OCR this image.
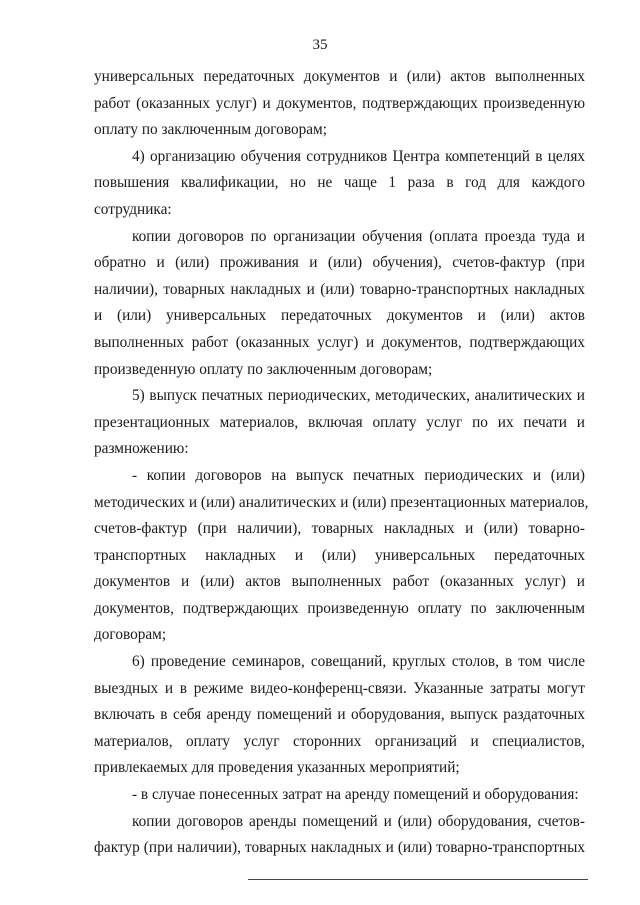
35
универсальных передаточных документов и (или) актов выполненных
работ (оказанных услуг) и документов, подтверждающих произведенную
оплату по заключенным договорам;
4) организацию обучения сотрудников Центра компетенций в целях
повышения квалификации, но не чаще 1 раза в год для каждого
сотрудника:
копии договоров по организации обучения (оплата проезда туда и
обратно и (или) проживания и (или) обучения), счетов-фактур (при
наличии), товарных накладных и (или) товарно-транспортных накладных
и (или) универсальных передаточных документов и (или) актов
выполненных работ (оказанных услуг) и документов, подтверждающих
произведенную оплату по заключенным договорам;
5) выпуск печатных периодических, методических, аналитических и
презентационных материалов, включая оплату услуг по их печати и
размножению:
- копии договоров на выпуск печатных периодических и (или)
методических и (или) аналитических и (или) презентационных материалов,
счетов-фактур (при наличии), товарных накладных и (или) товарно-
транспортных накладных и (или) универсальных передаточных
документов и (или) актов выполненных работ (оказанных услуг) и
документов, подтверждающих произведенную оплату по заключенным
договорам;
6) проведение семинаров, совещаний, круглых столов, в том числе
выездных и в режиме видео-конференц-связи. Указанные затраты могут
включать в себя аренду помещений и оборудования, выпуск раздаточных
материалов, оплату услуг сторонних организаций и специалистов,
привлекаемых для проведения указанных мероприятий;
- в случае понесенных затрат на аренду помещений и оборудования:
копии договоров аренды помещений и (или) оборудования, счетов-
фактур (при наличии), товарных накладных и (или) товарно-транспортных
